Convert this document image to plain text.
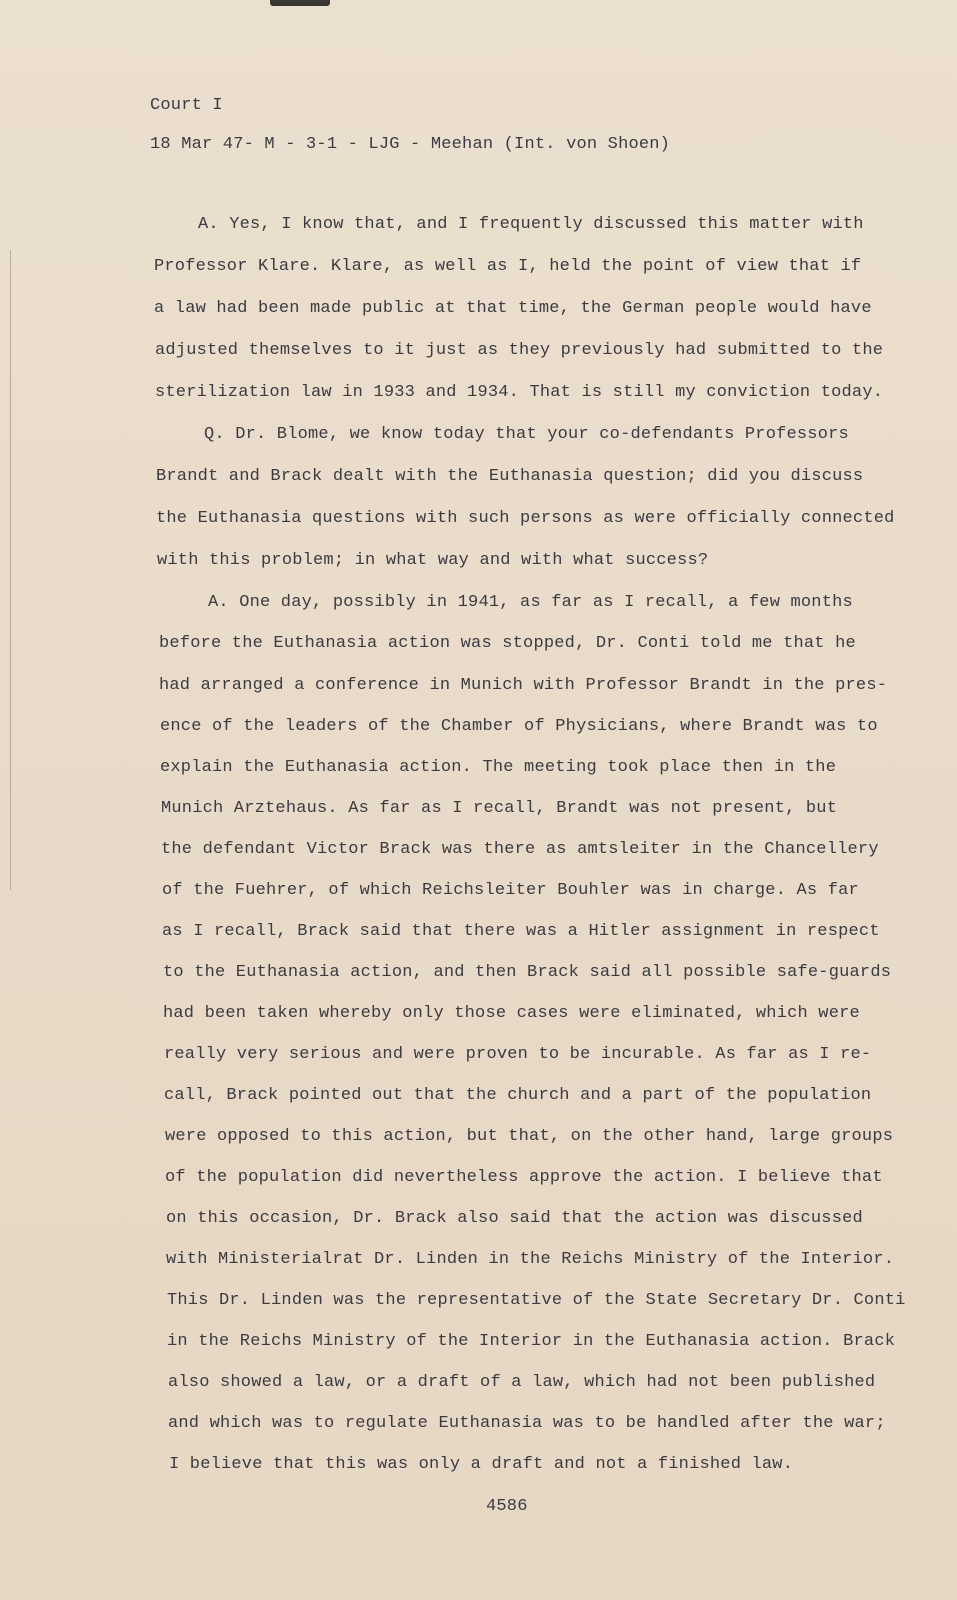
Court I
18 Mar 47- M - 3-1 - LJG - Meehan (Int. von Shoen)
A. Yes, I know that, and I frequently discussed this matter with
Professor Klare. Klare, as well as I, held the point of view that if
a law had been made public at that time, the German people would have
adjusted themselves to it just as they previously had submitted to the
sterilization law in 1933 and 1934. That is still my conviction today.
Q. Dr. Blome, we know today that your co-defendants Professors
Brandt and Brack dealt with the Euthanasia question; did you discuss
the Euthanasia questions with such persons as were officially connected
with this problem; in what way and with what success?
A. One day, possibly in 1941, as far as I recall, a few months
before the Euthanasia action was stopped, Dr. Conti told me that he
had arranged a conference in Munich with Professor Brandt in the pres-
ence of the leaders of the Chamber of Physicians, where Brandt was to
explain the Euthanasia action. The meeting took place then in the
Munich Arztehaus. As far as I recall, Brandt was not present, but
the defendant Victor Brack was there as amtsleiter in the Chancellery
of the Fuehrer, of which Reichsleiter Bouhler was in charge. As far
as I recall, Brack said that there was a Hitler assignment in respect
to the Euthanasia action, and then Brack said all possible safe-guards
had been taken whereby only those cases were eliminated, which were
really very serious and were proven to be incurable. As far as I re-
call, Brack pointed out that the church and a part of the population
were opposed to this action, but that, on the other hand, large groups
of the population did nevertheless approve the action. I believe that
on this occasion, Dr. Brack also said that the action was discussed
with Ministerialrat Dr. Linden in the Reichs Ministry of the Interior.
This Dr. Linden was the representative of the State Secretary Dr. Conti
in the Reichs Ministry of the Interior in the Euthanasia action. Brack
also showed a law, or a draft of a law, which had not been published
and which was to regulate Euthanasia was to be handled after the war;
I believe that this was only a draft and not a finished law.
4586
